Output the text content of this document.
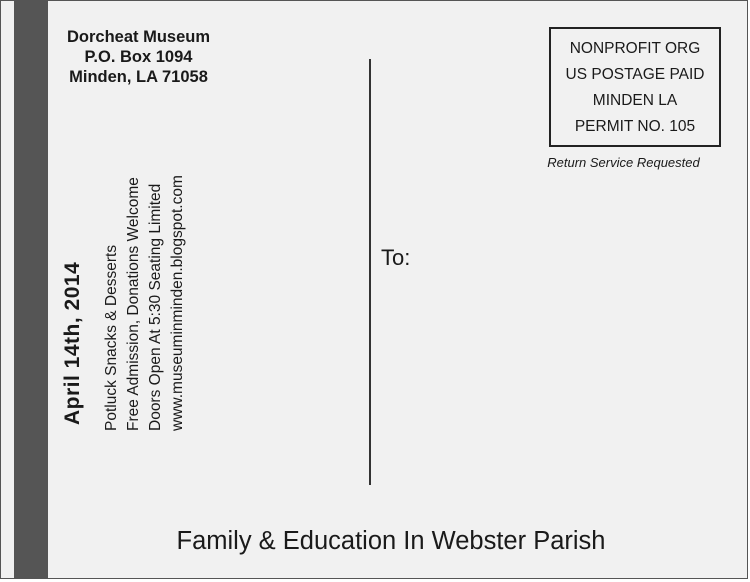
Dorcheat Museum
P.O. Box 1094
Minden, LA 71058
April 14th, 2014 Potluck Snacks & Desserts Free Admission, Donations Welcome Doors Open At 5:30 Seating Limited www.museuminminden.blogspot.com	To:
NONPROFIT ORG
US POSTAGE PAID
MINDEN LA
PERMIT NO. 105
Return Service Requested
Family & Education In Webster Parish
